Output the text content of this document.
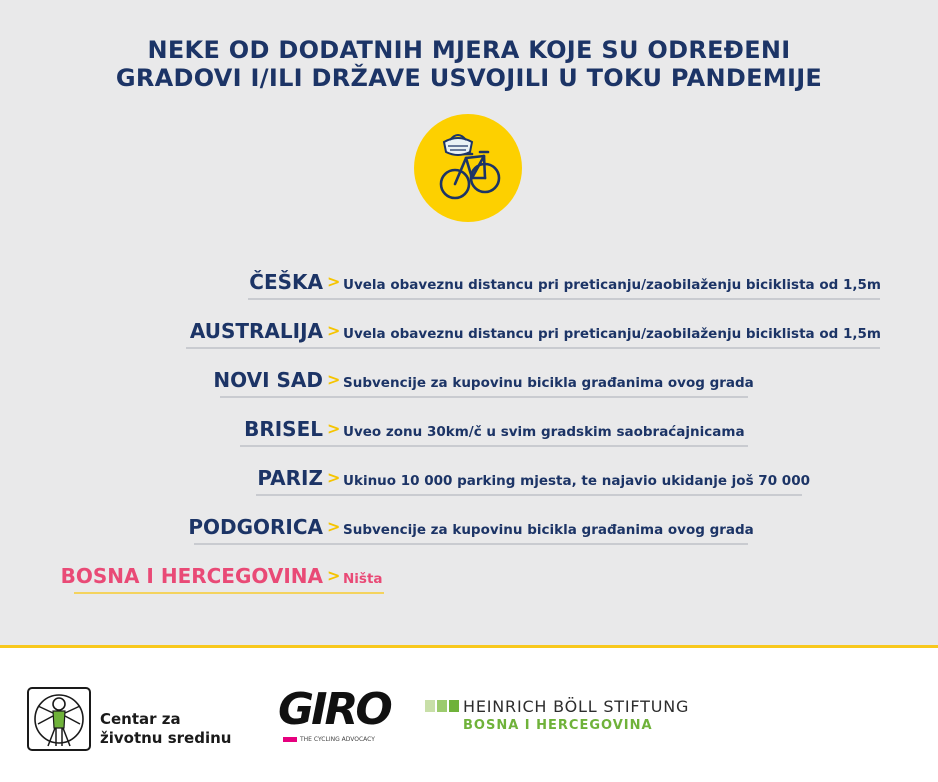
NEKE OD DODATNIH MJERA KOJE SU ODREĐENI
GRADOVI I/ILI DRŽAVE USVOJILI U TOKU PANDEMIJE
ČEŠKA > Uvela obaveznu distancu pri preticanju/zaobilaženju biciklista od 1,5m
AUSTRALIJA > Uvela obaveznu distancu pri preticanju/zaobilaženju biciklista od 1,5m
NOVI SAD > Subvencije za kupovinu bicikla građanima ovog grada
BRISEL > Uveo zonu 30km/č u svim gradskim saobraćajnicama
PARIZ > Ukinuo 10 000 parking mjesta, te najavio ukidanje još 70 000
PODGORICA > Subvencije za kupovinu bicikla građanima ovog grada
BOSNA I HERCEGOVINA > Ništa
Centar za
životnu sredinu
GIRO
THE CYCLING ADVOCACY
HEINRICH BÖLL STIFTUNG
BOSNA I HERCEGOVINA
